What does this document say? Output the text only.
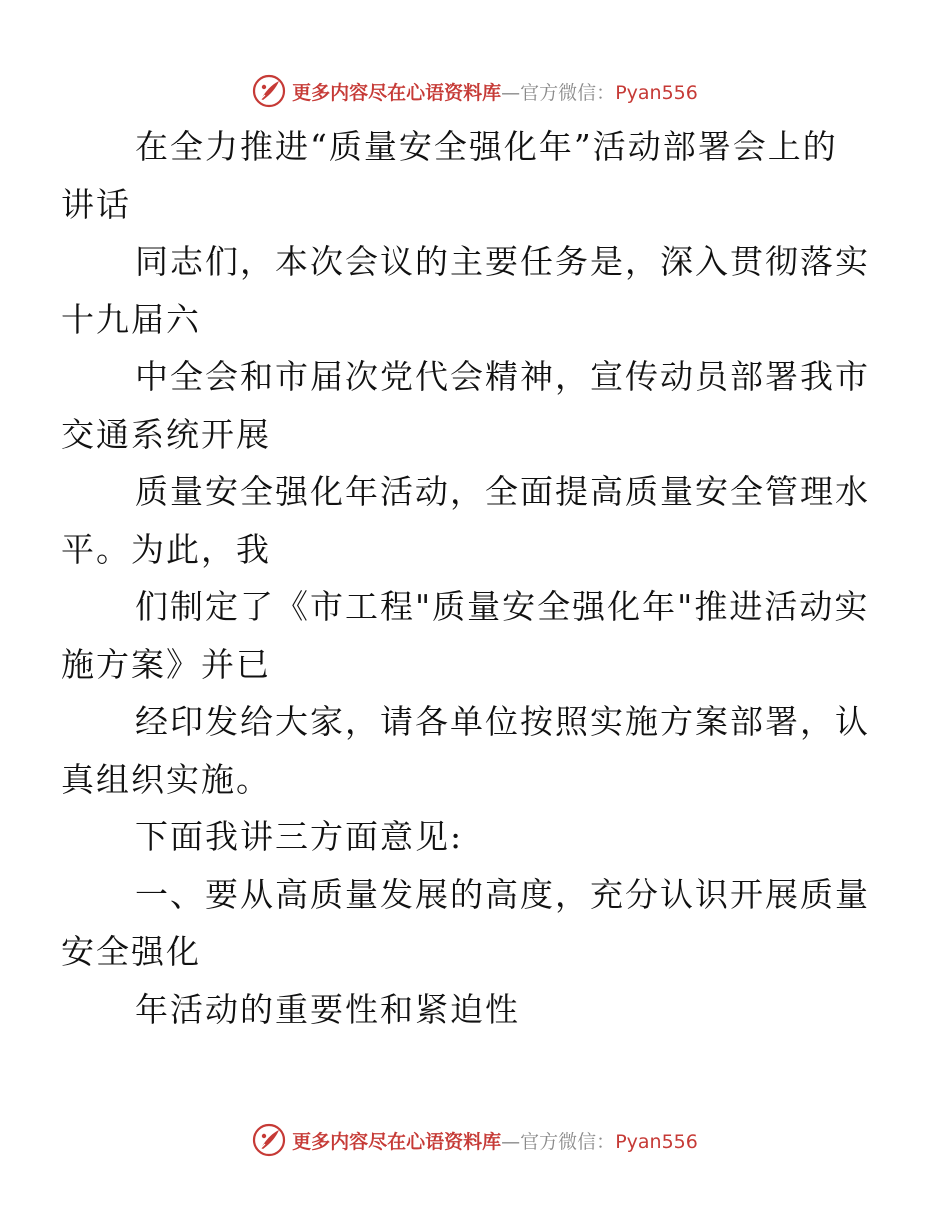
更多内容尽在心语资料库—官方微信：Pyan556

在全力推进“质量安全强化年”活动部署会上的
讲话

同志们，本次会议的主要任务是，深入贯彻落实
十九届六

中全会和市届次党代会精神，宣传动员部署我市
交通系统开展

质量安全强化年活动，全面提高质量安全管理水
平。为此，我

们制定了《市工程"质量安全强化年"推进活动实
施方案》并已

经印发给大家，请各单位按照实施方案部署，认
真组织实施。

下面我讲三方面意见:

一、要从高质量发展的高度，充分认识开展质量
安全强化

年活动的重要性和紧迫性

更多内容尽在心语资料库—官方微信：Pyan556
